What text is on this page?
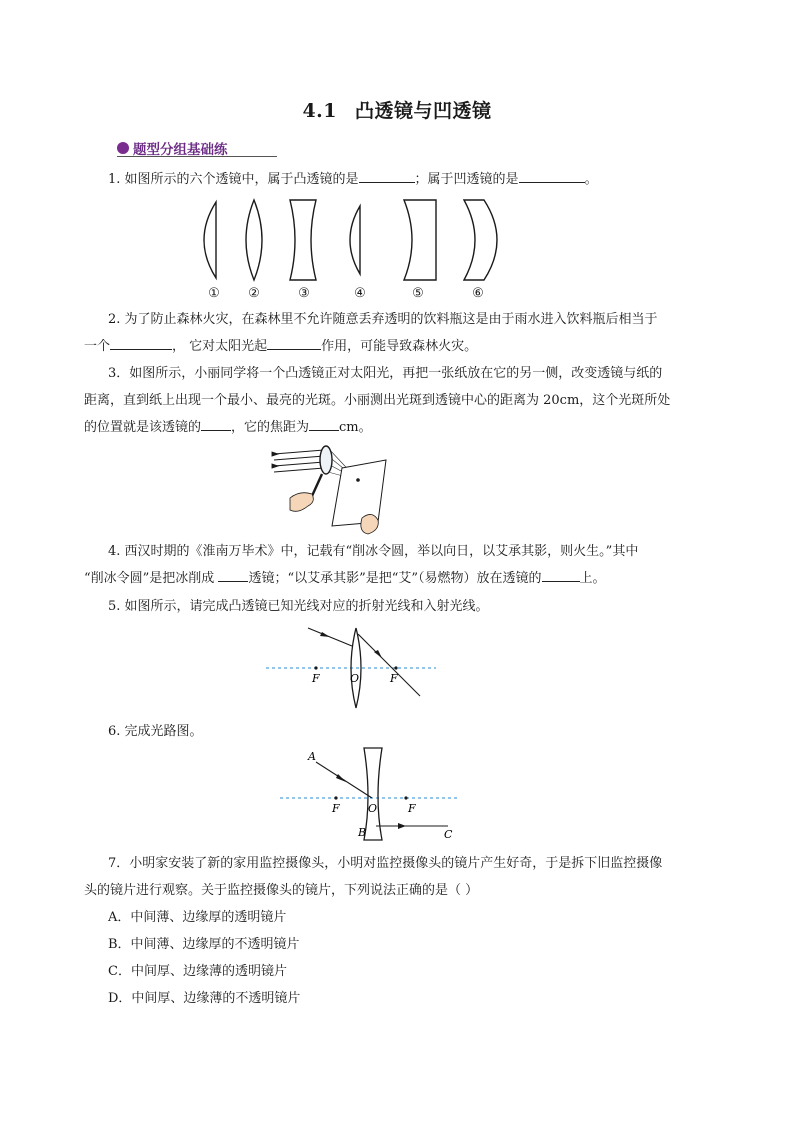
4.1 凸透镜与凹透镜
题型分组基础练
1. 如图所示的六个透镜中，属于凸透镜的是	；属于凹透镜的是	。
① ②	③	④	⑤	⑥
2. 为了防止森林火灾，在森林里不允许随意丢弃透明的饮料瓶这是由于雨水进入饮料瓶后相当于
一个	， 它对太阳光起	作用，可能导致森林火灾。
3．如图所示，小丽同学将一个凸透镜正对太阳光，再把一张纸放在它的另一侧，改变透镜与纸的
距离，直到纸上出现一个最小、最亮的光斑。小丽测出光斑到透镜中心的距离为 20cm，这个光斑所处
的位置就是该透镜的 ，它的焦距为 cm。
4. 西汉时期的《淮南万毕术》中，记载有“削冰令圆，举以向日，以艾承其影，则火生。”其中
“削冰令圆”是把冰削成 透镜；“以艾承其影”是把“艾”（易燃物）放在透镜的	上。
5. 如图所示，请完成凸透镜已知光线对应的折射光线和入射光线。
F	O	F
6. 完成光路图。
A
F	O	F
B	C
7．小明家安装了新的家用监控摄像头，小明对监控摄像头的镜片产生好奇，于是拆下旧监控摄像
头的镜片进行观察。关于监控摄像头的镜片，下列说法正确的是（ ）
A．中间薄、边缘厚的透明镜片
B．中间薄、边缘厚的不透明镜片
C．中间厚、边缘薄的透明镜片
D．中间厚、边缘薄的不透明镜片
